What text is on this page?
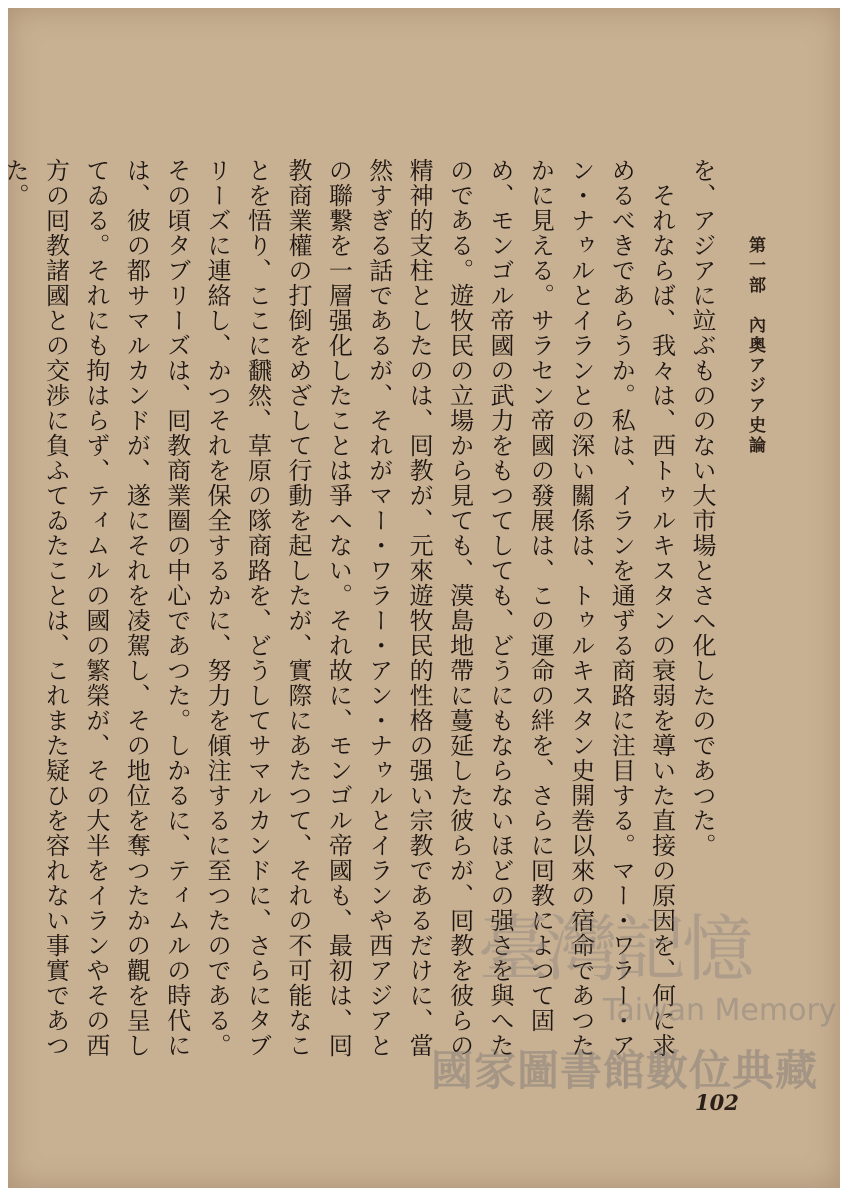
第一部　內奥アジア史論

を、アジアに竝ぶもののない大市場とさへ化したのであつた。

　それならば、我々は、西トゥルキスタンの衰弱を導いた直接の原因を、何に求めるべきであらうか。私は、イランを通ずる商路に注目する。マー・ワラー・アン・ナゥルとイランとの深い關係は、トゥルキスタン史開巻以來の宿命であつたかに見える。サラセン帝國の發展は、この運命の絆を、さらに囘教によつて固め、モンゴル帝國の武力をもつてしても、どうにもならないほどの强さを與へたのである。遊牧民の立場から見ても、漠島地帶に蔓延した彼らが、囘教を彼らの精神的支柱としたのは、囘教が、元來遊牧民的性格の强い宗教であるだけに、當然すぎる話であるが、それがマー・ワラー・アン・ナゥルとイランや西アジアとの聯繋を一層强化したことは爭へない。それ故に、モンゴル帝國も、最初は、囘教商業權の打倒をめざして行動を起したが、實際にあたつて、それの不可能なことを悟り、ここに飜然、草原の隊商路を、どうしてサマルカンドに、さらにタブリーズに連絡し、かつそれを保全するかに、努力を傾注するに至つたのである。その頃タブリーズは、囘教商業圈の中心であつた。しかるに、ティムルの時代には、彼の都サマルカンドが、遂にそれを凌駕し、その地位を奪つたかの觀を呈してゐる。それにも拘はらず、ティムルの國の繁榮が、その大半をイランやその西方の囘教諸國との交渉に負ふてゐたことは、これまた疑ひを容れない事實であつた。

102
臺灣記憶
Taiwan Memory
國家圖書館數位典藏
